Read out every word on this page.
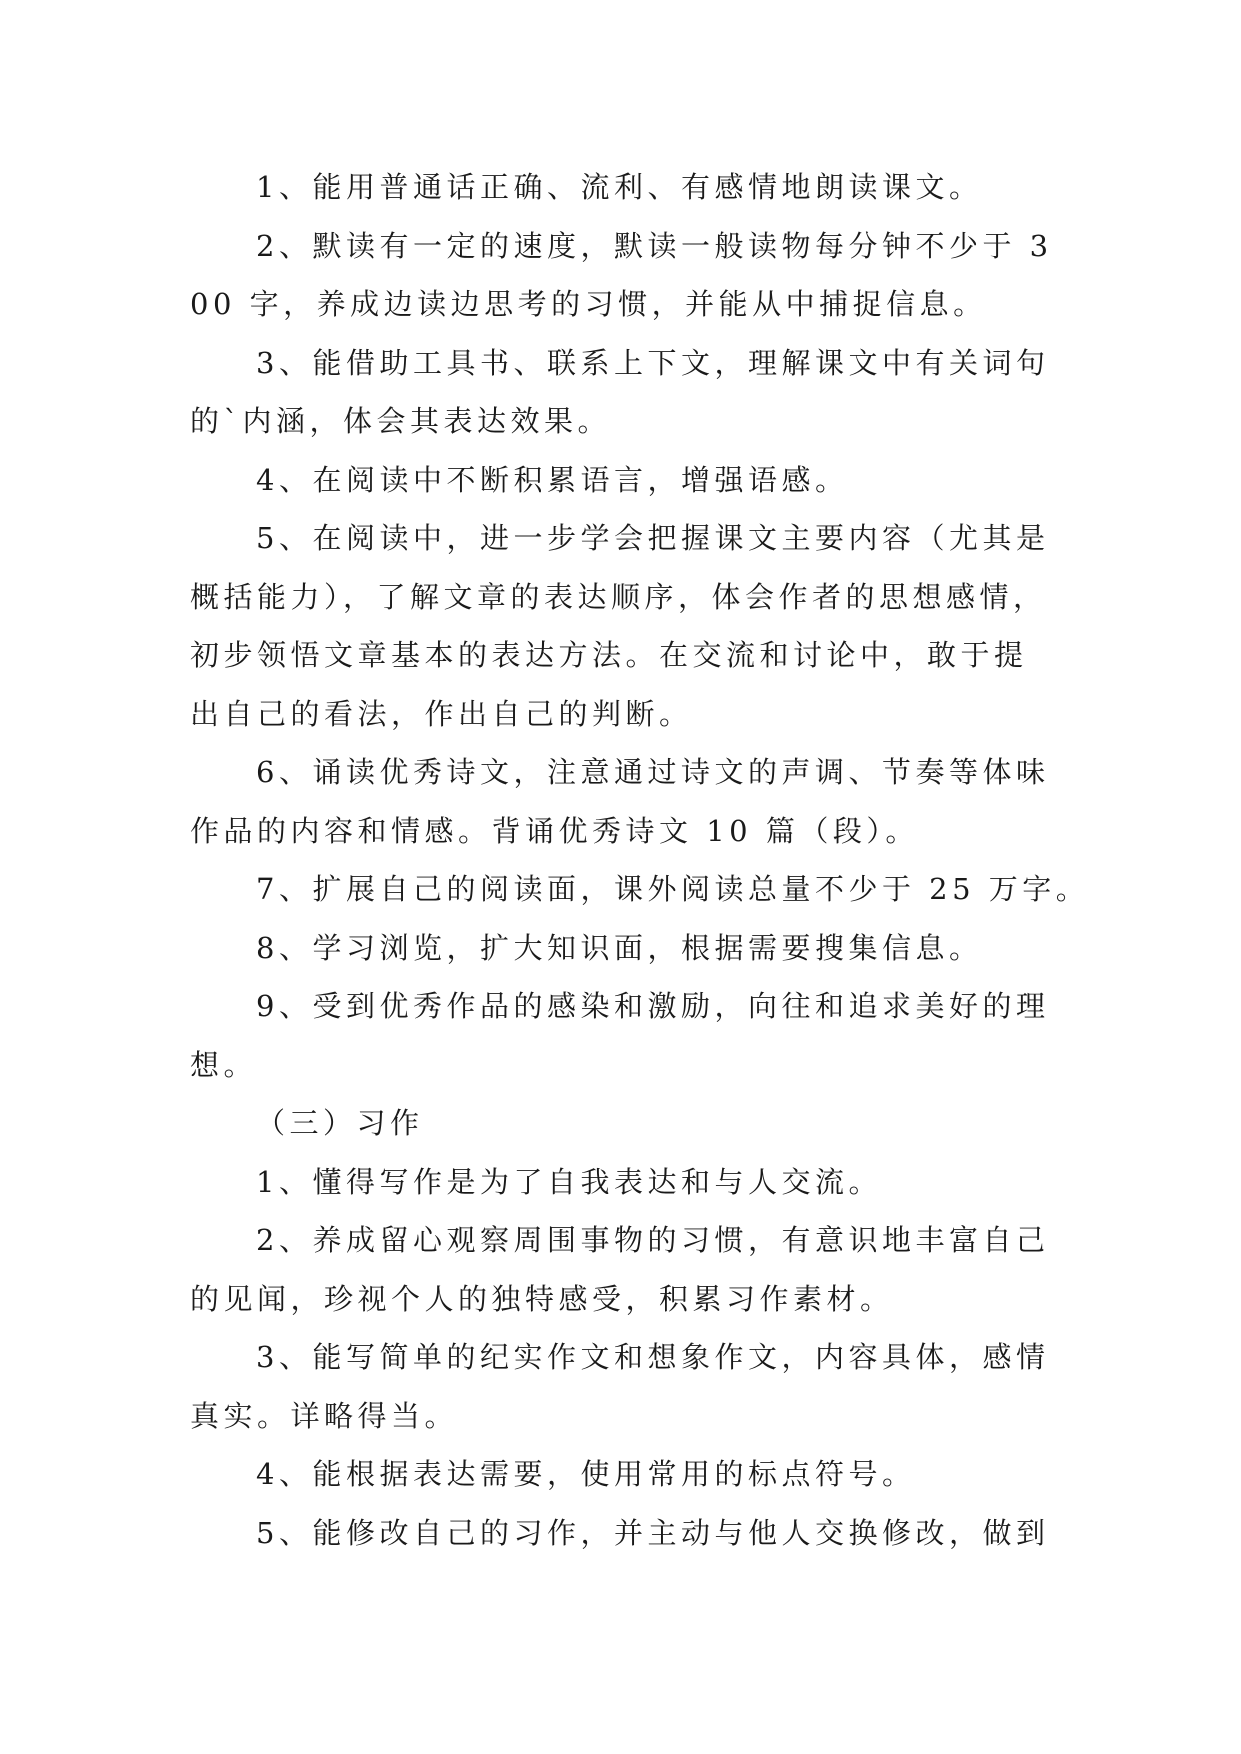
1、能用普通话正确、流利、有感情地朗读课文。

2、默读有一定的速度，默读一般读物每分钟不少于 300 字，养成边读边思考的习惯，并能从中捕捉信息。

3、能借助工具书、联系上下文，理解课文中有关词句的`内涵，体会其表达效果。

4、在阅读中不断积累语言，增强语感。

5、在阅读中，进一步学会把握课文主要内容（尤其是概括能力），了解文章的表达顺序，体会作者的思想感情，初步领悟文章基本的表达方法。在交流和讨论中，敢于提出自己的看法，作出自己的判断。

6、诵读优秀诗文，注意通过诗文的声调、节奏等体味作品的内容和情感。背诵优秀诗文 10 篇（段）。

7、扩展自己的阅读面，课外阅读总量不少于 25 万字。

8、学习浏览，扩大知识面，根据需要搜集信息。

9、受到优秀作品的感染和激励，向往和追求美好的理想。

（三）习作

1、懂得写作是为了自我表达和与人交流。

2、养成留心观察周围事物的习惯，有意识地丰富自己的见闻，珍视个人的独特感受，积累习作素材。

3、能写简单的纪实作文和想象作文，内容具体，感情真实。详略得当。

4、能根据表达需要，使用常用的标点符号。

5、能修改自己的习作，并主动与他人交换修改，做到
